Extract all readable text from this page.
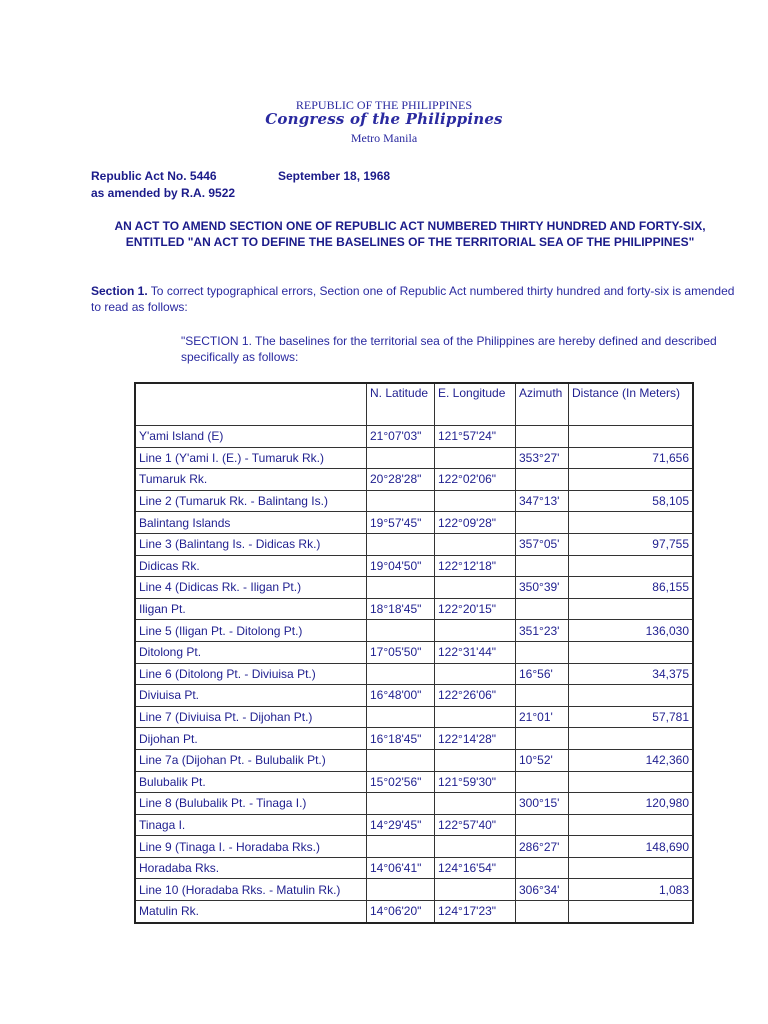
REPUBLIC OF THE PHILIPPINES
Congress of the Philippines
Metro Manila
Republic Act No. 5446	September 18, 1968
as amended by R.A. 9522
AN ACT TO AMEND SECTION ONE OF REPUBLIC ACT NUMBERED THIRTY HUNDRED AND FORTY-SIX, ENTITLED "AN ACT TO DEFINE THE BASELINES OF THE TERRITORIAL SEA OF THE PHILIPPINES"
Section 1. To correct typographical errors, Section one of Republic Act numbered thirty hundred and forty-six is amended to read as follows:
"SECTION 1. The baselines for the territorial sea of the Philippines are hereby defined and described specifically as follows:
	N. Latitude	E. Longitude	Azimuth	Distance (In Meters)
Y'ami Island (E)	21°07'03"	121°57'24"		
Line 1 (Y'ami I. (E.) - Tumaruk Rk.)			353°27'	71,656
Tumaruk Rk.	20°28'28"	122°02'06"		
Line 2 (Tumaruk Rk. - Balintang Is.)			347°13'	58,105
Balintang Islands	19°57'45"	122°09'28"		
Line 3 (Balintang Is. - Didicas Rk.)			357°05'	97,755
Didicas Rk.	19°04'50"	122°12'18"		
Line 4 (Didicas Rk. - Iligan Pt.)			350°39'	86,155
Iligan Pt.	18°18'45"	122°20'15"		
Line 5 (Iligan Pt. - Ditolong Pt.)			351°23'	136,030
Ditolong Pt.	17°05'50"	122°31'44"		
Line 6 (Ditolong Pt. - Diviuisa Pt.)			16°56'	34,375
Diviuisa Pt.	16°48'00"	122°26'06"		
Line 7 (Diviuisa Pt. - Dijohan Pt.)			21°01'	57,781
Dijohan Pt.	16°18'45"	122°14'28"		
Line 7a (Dijohan Pt. - Bulubalik Pt.)			10°52'	142,360
Bulubalik Pt.	15°02'56"	121°59'30"		
Line 8 (Bulubalik Pt. - Tinaga I.)			300°15'	120,980
Tinaga I.	14°29'45"	122°57'40"		
Line 9 (Tinaga I. - Horadaba Rks.)			286°27'	148,690
Horadaba Rks.	14°06'41"	124°16'54"		
Line 10 (Horadaba Rks. - Matulin Rk.)			306°34'	1,083
Matulin Rk.	14°06'20"	124°17'23"		
